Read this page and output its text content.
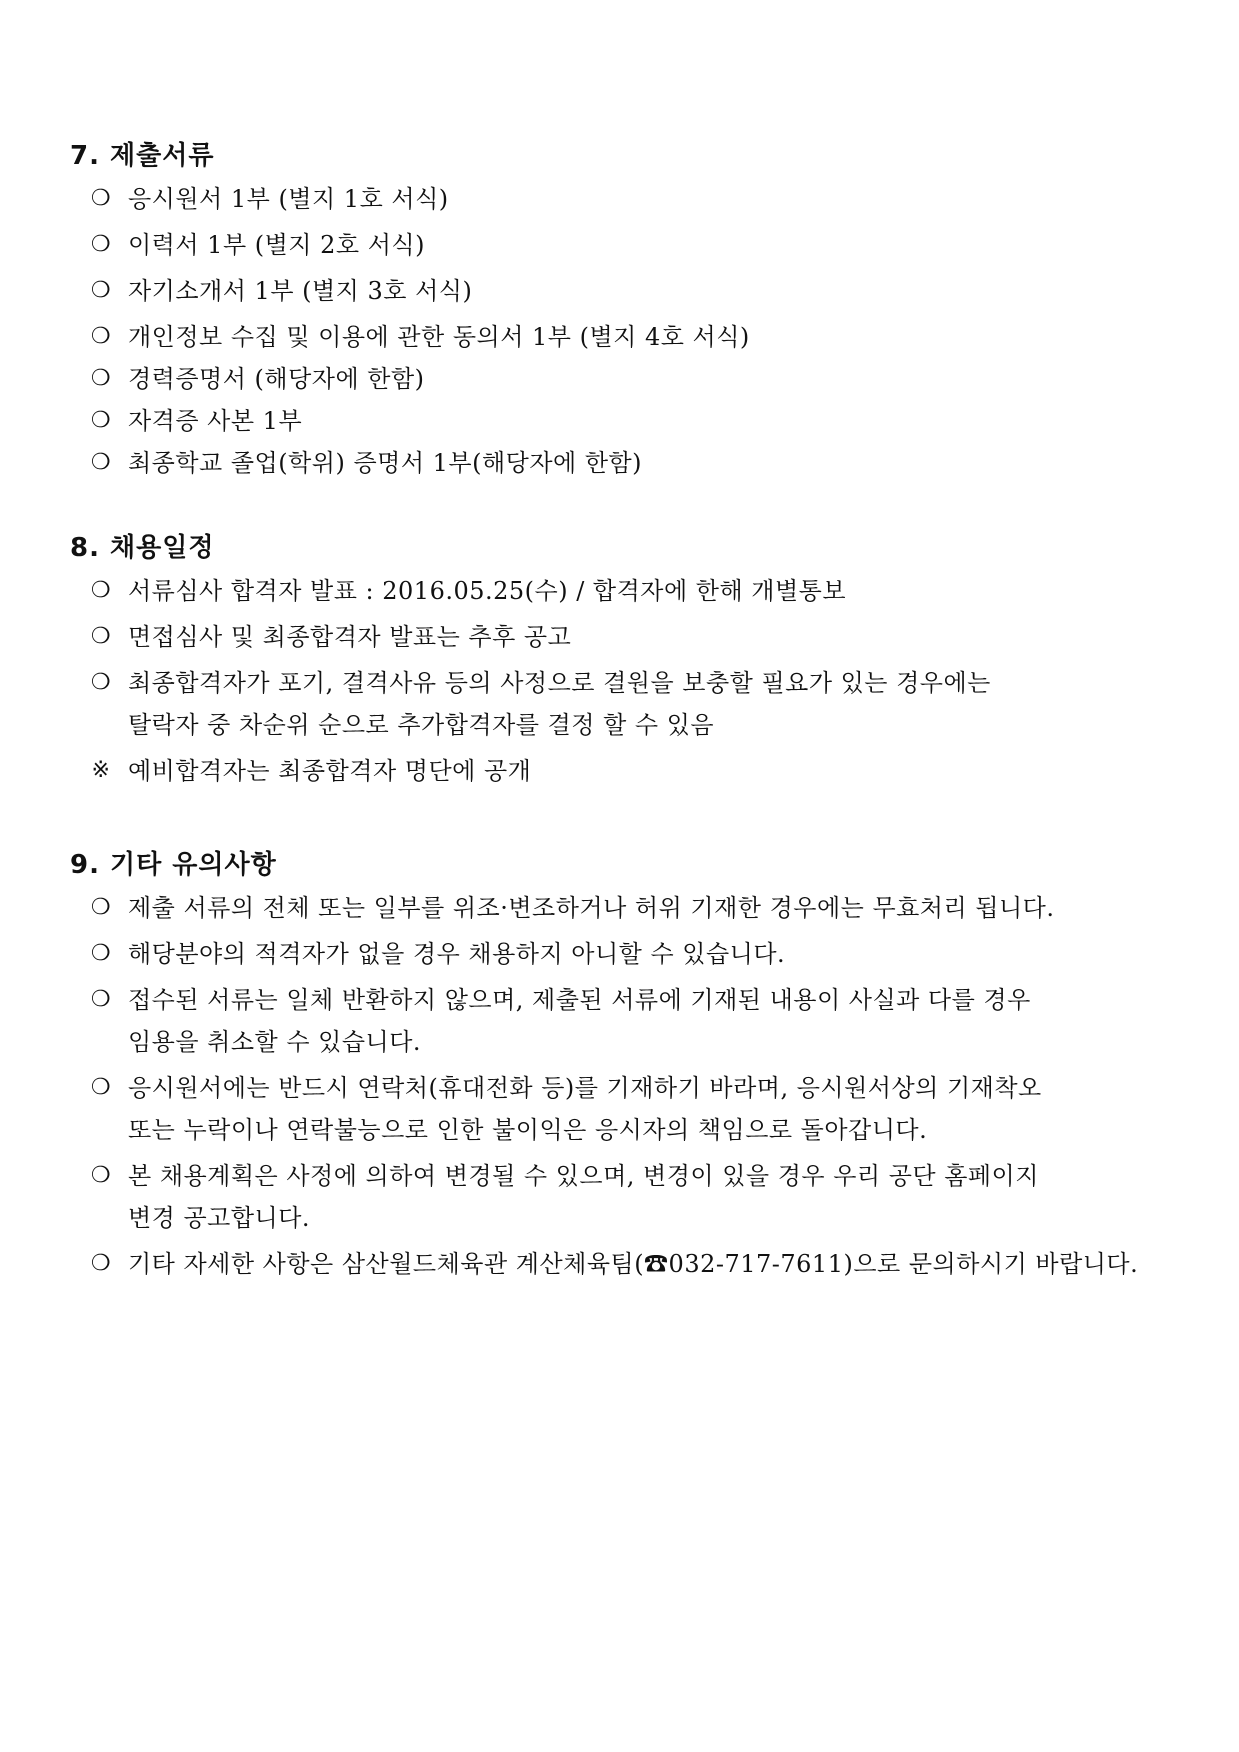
7. 제출서류
❍ 응시원서 1부 (별지 1호 서식)
❍ 이력서 1부 (별지 2호 서식)
❍ 자기소개서 1부 (별지 3호 서식)
❍ 개인정보 수집 및 이용에 관한 동의서 1부 (별지 4호 서식)
❍ 경력증명서 (해당자에 한함)
❍ 자격증 사본 1부
❍ 최종학교 졸업(학위) 증명서 1부(해당자에 한함)
8. 채용일정
❍ 서류심사 합격자 발표 : 2016.05.25(수) / 합격자에 한해 개별통보
❍ 면접심사 및 최종합격자 발표는 추후 공고
❍ 최종합격자가 포기, 결격사유 등의 사정으로 결원을 보충할 필요가 있는 경우에는
탈락자 중 차순위 순으로 추가합격자를 결정 할 수 있음
※ 예비합격자는 최종합격자 명단에 공개
9. 기타 유의사항
❍ 제출 서류의 전체 또는 일부를 위조·변조하거나 허위 기재한 경우에는 무효처리 됩니다.
❍ 해당분야의 적격자가 없을 경우 채용하지 아니할 수 있습니다.
❍ 접수된 서류는 일체 반환하지 않으며, 제출된 서류에 기재된 내용이 사실과 다를 경우
임용을 취소할 수 있습니다.
❍ 응시원서에는 반드시 연락처(휴대전화 등)를 기재하기 바라며, 응시원서상의 기재착오
또는 누락이나 연락불능으로 인한 불이익은 응시자의 책임으로 돌아갑니다.
❍ 본 채용계획은 사정에 의하여 변경될 수 있으며, 변경이 있을 경우 우리 공단 홈페이지
변경 공고합니다.
❍ 기타 자세한 사항은 삼산월드체육관 계산체육팀(☎032-717-7611)으로 문의하시기 바랍니다.
